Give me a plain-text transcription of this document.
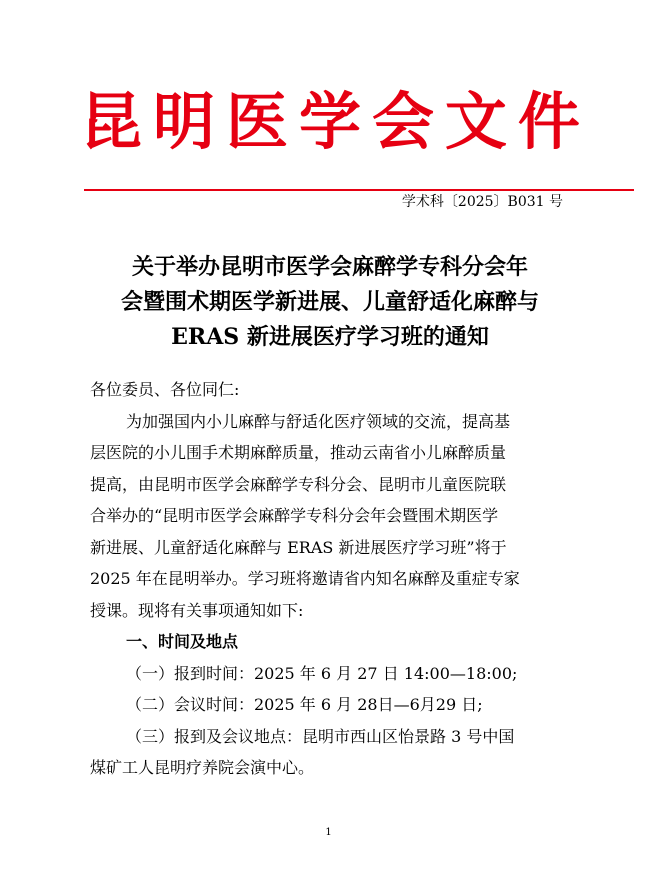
昆 明 医 学 会 文 件
学术科〔2025〕B031 号
关于举办昆明市医学会麻醉学专科分会年
会暨围术期医学新进展、儿童舒适化麻醉与
ERAS 新进展医疗学习班的通知

各位委员、各位同仁:

为加强国内小儿麻醉与舒适化医疗领域的交流，提高基

层医院的小儿围手术期麻醉质量，推动云南省小儿麻醉质量

提高，由昆明市医学会麻醉学专科分会、昆明市儿童医院联

合举办的“昆明市医学会麻醉学专科分会年会暨围术期医学

新进展、儿童舒适化麻醉与 ERAS 新进展医疗学习班”将于

2025 年在昆明举办。学习班将邀请省内知名麻醉及重症专家

授课。现将有关事项通知如下:

一、时间及地点

（一）报到时间：2025 年 6 月 27 日 14:00—18:00;

（二）会议时间：2025 年 6 月 28日—6月29 日;

（三）报到及会议地点：昆明市西山区怡景路 3 号中国

煤矿工人昆明疗养院会演中心。

1
